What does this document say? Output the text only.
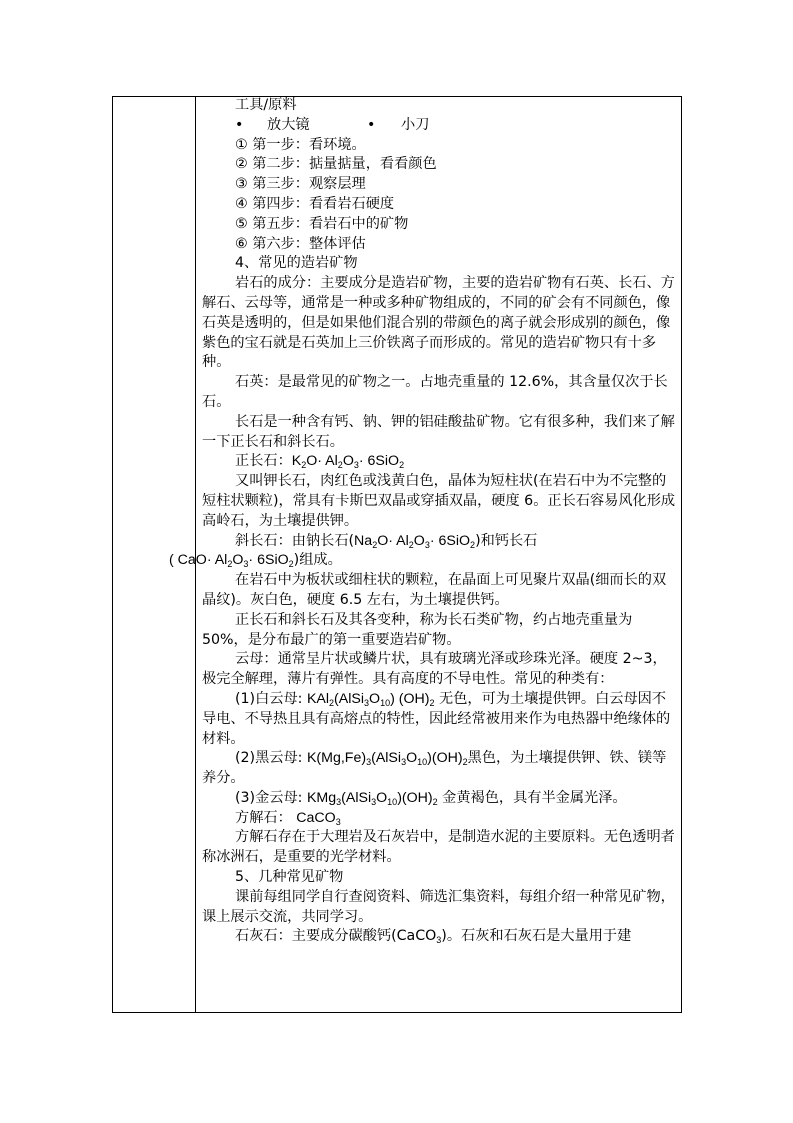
工具/原料

• 放大镜	• 小刀

① 第一步：看环境。

② 第二步：掂量掂量，看看颜色

③ 第三步：观察层理

④ 第四步：看看岩石硬度

⑤ 第五步：看岩石中的矿物

⑥ 第六步：整体评估

4、常见的造岩矿物

岩石的成分：主要成分是造岩矿物，主要的造岩矿物有石英、长石、方解石、云母等，通常是一种或多种矿物组成的，不同的矿会有不同颜色，像石英是透明的，但是如果他们混合别的带颜色的离子就会形成别的颜色，像紫色的宝石就是石英加上三价铁离子而形成的。常见的造岩矿物只有十多种。

石英：是最常见的矿物之一。占地壳重量的 12.6%，其含量仅次于长石。

长石是一种含有钙、钠、钾的铝硅酸盐矿物。它有很多种，我们来了解一下正长石和斜长石。

正长石：$K_2O\cdot Al_2O_3\cdot 6SiO_2$

又叫钾长石，肉红色或浅黄白色，晶体为短柱状(在岩石中为不完整的短柱状颗粒)，常具有卡斯巴双晶或穿插双晶，硬度 6。正长石容易风化形成高岭石，为土壤提供钾。

斜长石：由钠长石$(Na_2O\cdot Al_2O_3\cdot 6SiO_2)$和钙长石
( $CaO\cdot Al_2O_3\cdot 6SiO_2$)组成。

在岩石中为板状或细柱状的颗粒，在晶面上可见聚片双晶(细而长的双晶纹)。灰白色，硬度 6.5 左右，为土壤提供钙。

正长石和斜长石及其各变种，称为长石类矿物，约占地壳重量为 50%，是分布最广的第一重要造岩矿物。

云母：通常呈片状或鳞片状，具有玻璃光泽或珍珠光泽。硬度 2~3，极完全解理，薄片有弹性。具有高度的不导电性。常见的种类有：

(1)白云母: $KAl_2(AlSi_3O_{10})$ $(OH)_2$ 无色，可为土壤提供钾。白云母因不导电、不导热且具有高熔点的特性，因此经常被用来作为电热器中绝缘体的材料。

(2)黑云母: $K(Mg,Fe)_3(AlSi_3O_{10})(OH)_2$黑色，为土壤提供钾、铁、镁等养分。

(3)金云母: $KMg_3(AlSi_3O_{10})(OH)_2$ 金黄褐色，具有半金属光泽。

方解石： CaCO$_3$

方解石存在于大理岩及石灰岩中，是制造水泥的主要原料。无色透明者称冰洲石，是重要的光学材料。

5、几种常见矿物

课前每组同学自行查阅资料、筛选汇集资料，每组介绍一种常见矿物，课上展示交流，共同学习。

石灰石：主要成分碳酸钙(CaCO$_3$)。石灰和石灰石是大量用于建
